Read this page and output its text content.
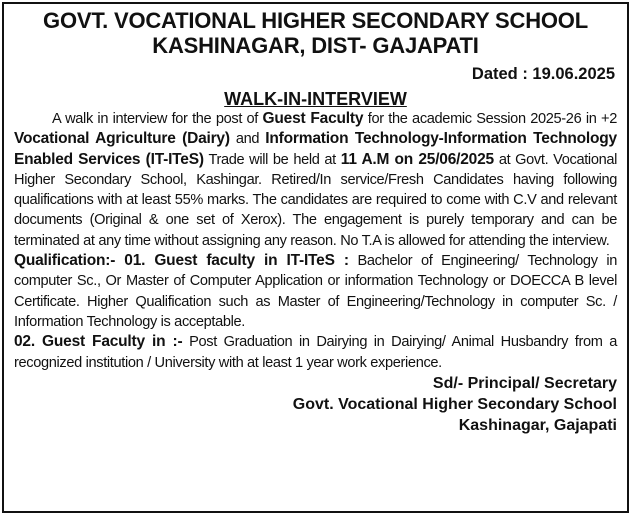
GOVT. VOCATIONAL HIGHER SECONDARY SCHOOL
KASHINAGAR, DIST- GAJAPATI
Dated : 19.06.2025
WALK-IN-INTERVIEW
A walk in interview for the post of Guest Faculty for the academic Session 2025-26 in +2 Vocational Agriculture (Dairy) and Information Technology-Information Technology Enabled Services (IT-ITeS) Trade will be held at 11 A.M on 25/06/2025 at Govt. Vocational Higher Secondary School, Kashingar. Retired/In service/Fresh Candidates having following qualifications with at least 55% marks. The candidates are required to come with C.V and relevant documents (Original & one set of Xerox). The engagement is purely temporary and can be terminated at any time without assigning any reason. No T.A is allowed for attending the interview.
Qualification:- 01. Guest faculty in IT-ITeS : Bachelor of Engineering/ Technology in computer Sc., Or Master of Computer Application or information Technology or DOECCA B level Certificate. Higher Qualification such as Master of Engineering/Technology in computer Sc. / Information Technology is acceptable.
02. Guest Faculty in :- Post Graduation in Dairying in Dairying/ Animal Husbandry from a recognized institution / University with at least 1 year work experience.
Sd/- Principal/ Secretary
Govt. Vocational Higher Secondary School
Kashinagar, Gajapati
